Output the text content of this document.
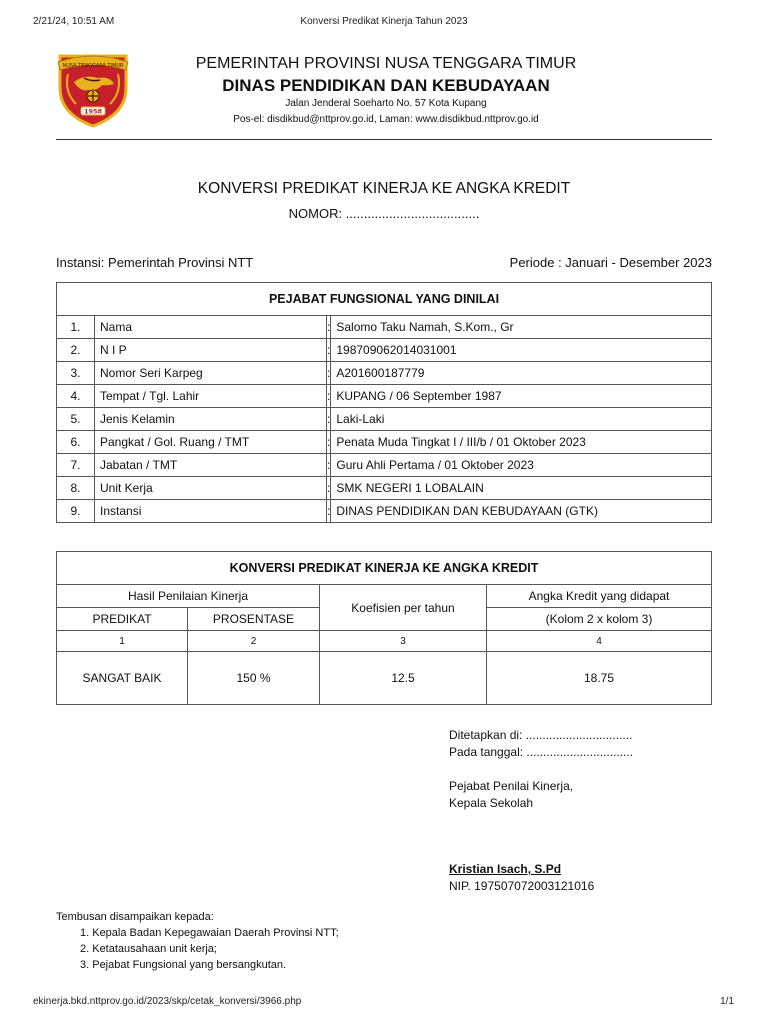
2/21/24, 10:51 AM	Konversi Predikat Kinerja Tahun 2023
NUSA TENGGARA TIMUR
1958
PEMERINTAH PROVINSI NUSA TENGGARA TIMUR
DINAS PENDIDIKAN DAN KEBUDAYAAN
Jalan Jenderal Soeharto No. 57 Kota Kupang
Pos-el: disdikbud@nttprov.go.id, Laman: www.disdikbud.nttprov.go.id
KONVERSI PREDIKAT KINERJA KE ANGKA KREDIT
NOMOR: .....................................
Instansi: Pemerintah Provinsi NTT	Periode : Januari - Desember 2023
PEJABAT FUNGSIONAL YANG DINILAI			
1.	Nama	:	Salomo Taku Namah, S.Kom., Gr
2.	N I P	:	198709062014031001
3.	Nomor Seri Karpeg	:	A201600187779
4.	Tempat / Tgl. Lahir	:	KUPANG / 06 September 1987
5.	Jenis Kelamin	:	Laki-Laki
6.	Pangkat / Gol. Ruang / TMT	:	Penata Muda Tingkat I / III/b / 01 Oktober 2023
7.	Jabatan / TMT	:	Guru Ahli Pertama / 01 Oktober 2023
8.	Unit Kerja	:	SMK NEGERI 1 LOBALAIN
9.	Instansi	:	DINAS PENDIDIKAN DAN KEBUDAYAAN (GTK)
KONVERSI PREDIKAT KINERJA KE ANGKA KREDIT			
Hasil Penilaian Kinerja		Koefisien per tahun	Angka Kredit yang didapat
PREDIKAT	PROSENTASE		(Kolom 2 x kolom 3)
1	2	3	4
SANGAT BAIK	150 %	12.5	18.75
Ditetapkan di: ................................
Pada tanggal: ................................
Pejabat Penilai Kinerja,
Kepala Sekolah
Kristian Isach, S.Pd
NIP. 197507072003121016
Tembusan disampaikan kepada:
1. Kepala Badan Kepegawaian Daerah Provinsi NTT;
2. Ketatausahaan unit kerja;
3. Pejabat Fungsional yang bersangkutan.
ekinerja.bkd.nttprov.go.id/2023/skp/cetak_konversi/3966.php	1/1
